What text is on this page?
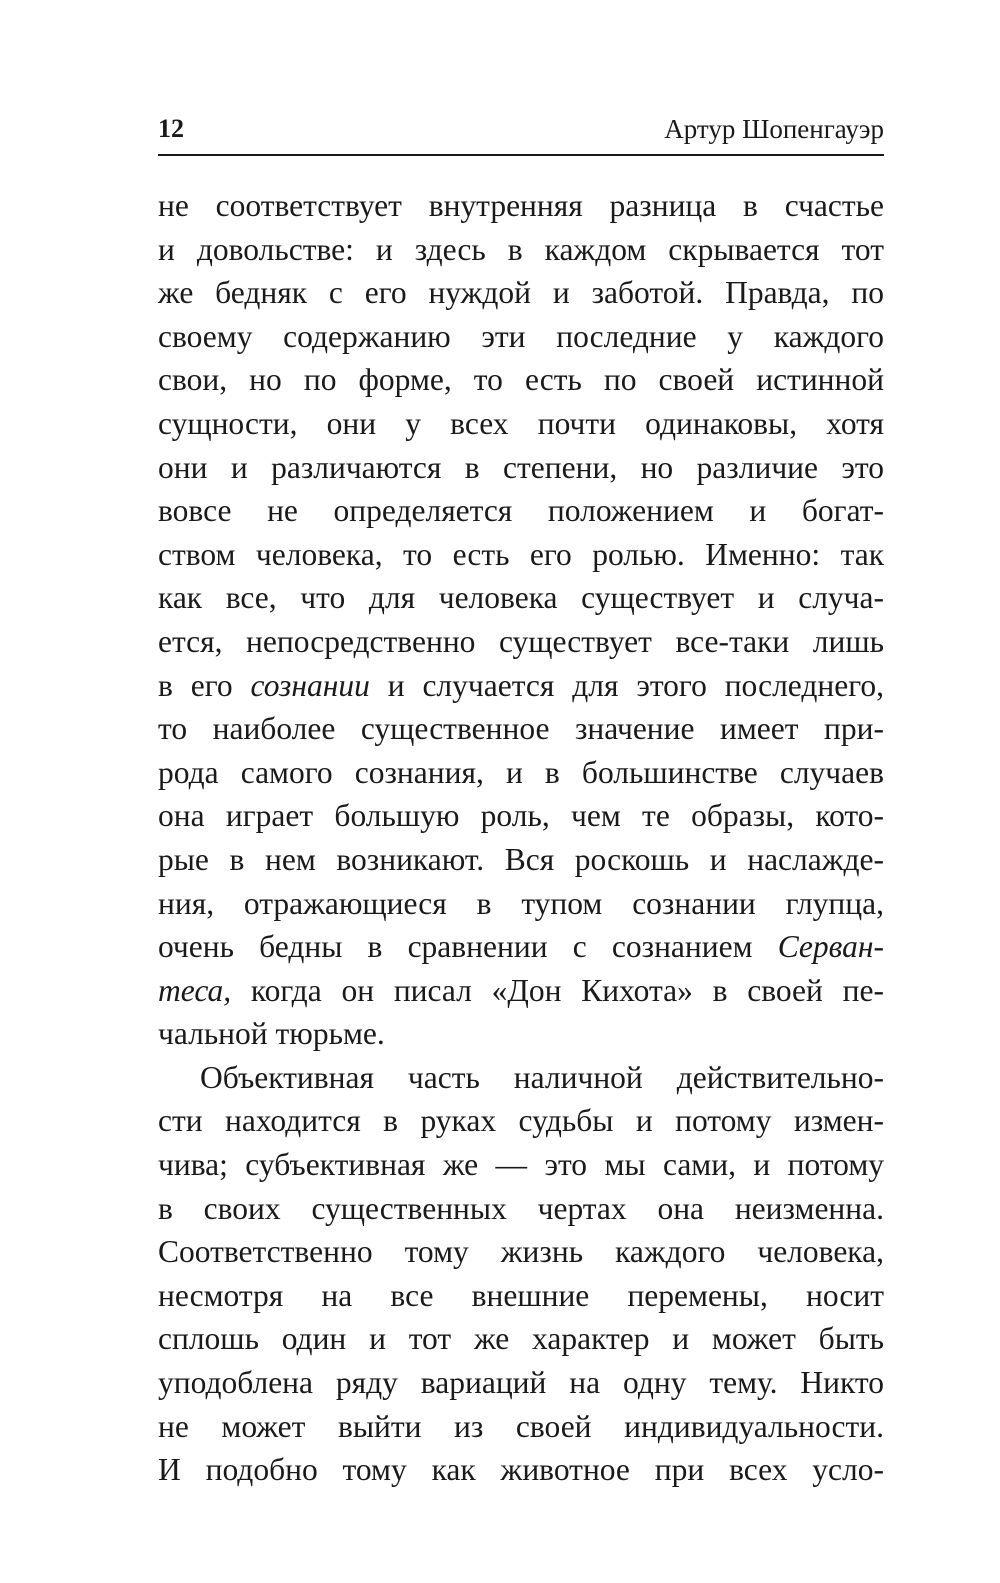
12	Артур Шопенгауэр
не соответствует внутренняя разница в счастье
и довольстве: и здесь в каждом скрывается тот
же бедняк с его нуждой и заботой. Правда, по
своему содержанию эти последние у каждого
свои, но по форме, то есть по своей истинной
сущности, они у всех почти одинаковы, хотя
они и различаются в степени, но различие это
вовсе не определяется положением и богат-
ством человека, то есть его ролью. Именно: так
как все, что для человека существует и случа-
ется, непосредственно существует все-таки лишь
в его сознании и случается для этого последнего,
то наиболее существенное значение имеет при-
рода самого сознания, и в большинстве случаев
она играет большую роль, чем те образы, кото-
рые в нем возникают. Вся роскошь и наслажде-
ния, отражающиеся в тупом сознании глупца,
очень бедны в сравнении с сознанием Серван-
теса, когда он писал «Дон Кихота» в своей пе-
чальной тюрьме.
Объективная часть наличной действительно-
сти находится в руках судьбы и потому измен-
чива; субъективная же — это мы сами, и потому
в своих существенных чертах она неизменна.
Соответственно тому жизнь каждого человека,
несмотря на все внешние перемены, носит
сплошь один и тот же характер и может быть
уподоблена ряду вариаций на одну тему. Никто
не может выйти из своей индивидуальности.
И подобно тому как животное при всех усло-
